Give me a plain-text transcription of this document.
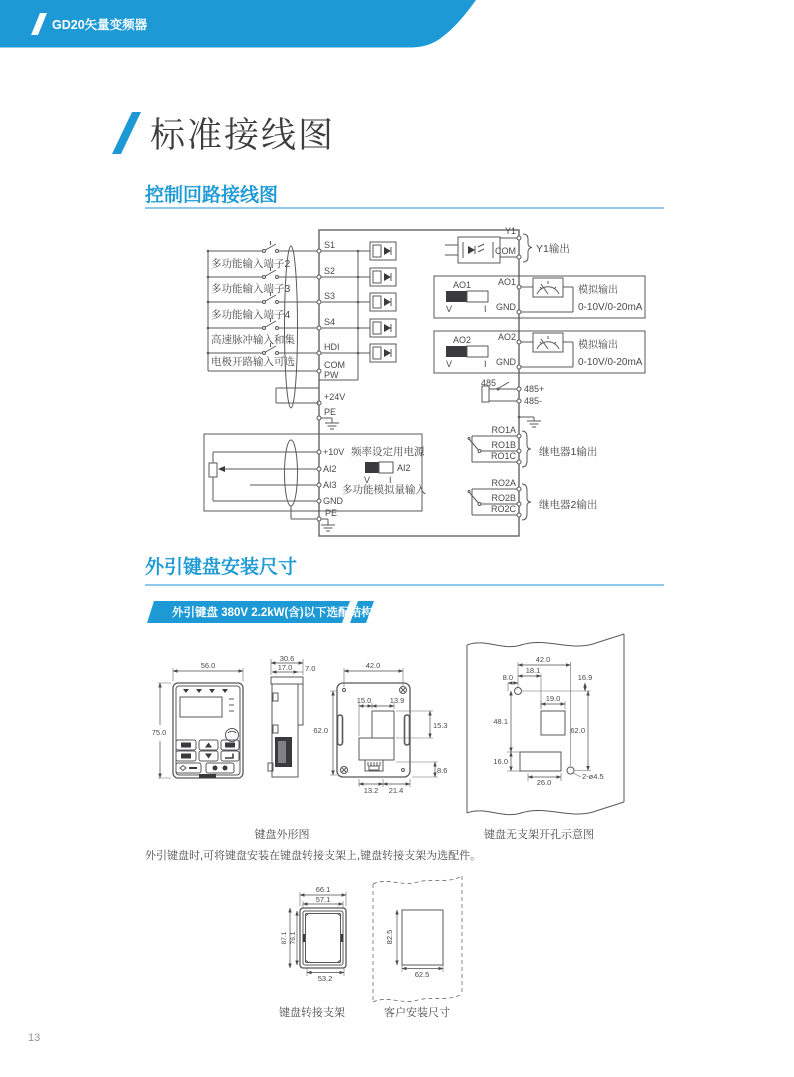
GD20矢量变频器
标准接线图
控制回路接线图
多功能输入端子2
多功能输入端子3
多功能输入端子4
高速脉冲输入和集
电极开路输入可选
S1
S2
S3
S4
HDI
COM
PW
+24V
PE
+10V 频率设定用电源
AI2
AI3
GND
AI2
V I
多功能模拟量输入
PE
Y1
COM Y1输出
AO1
V	I
AO1
GND
模拟输出
0-10V/0-20mA
AO2
V	I
AO2
GND
模拟输出
0-10V/0-20mA
485
485+
485-
RO1A
RO1B
RO1C 继电器1输出
RO2A
RO2B
RO2C 继电器2输出
外引键盘安装尺寸
外引键盘 380V 2.2kW(含)以下选配结构图
56.0
75.0
30.6
17.0 7.0	42.0
62.0
15.0 13.9
15.3
8.6
13.2 21.4
42.0
18.1
8.0	16.9
19.0
48.1
62.0
16.0
26.0
2-ø4.5
键盘外形图	键盘无支架开孔示意图
外引键盘时,可将键盘安装在键盘转接支架上,键盘转接支架为选配件。
66.1
57.1
87.1 76.1
53.2
82.5
62.5
键盘转接支架	客户安装尺寸
13
